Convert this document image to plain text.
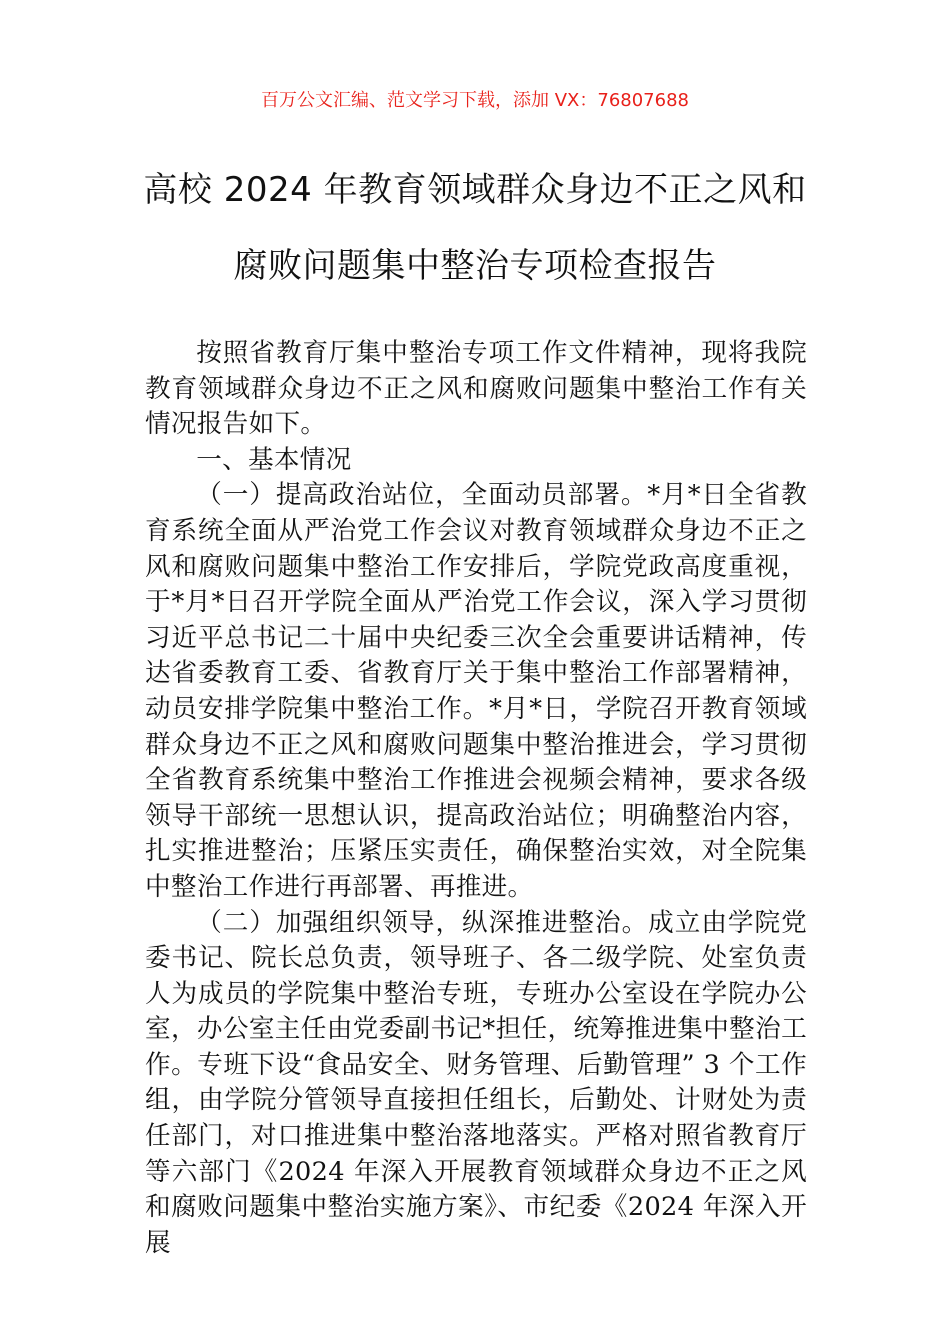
百万公文汇编、范文学习下载，添加 VX：76807688
高校 2024 年教育领域群众身边不正之风和
腐败问题集中整治专项检查报告

按照省教育厅集中整治专项工作文件精神，现将我院教育领域群众身边不正之风和腐败问题集中整治工作有关情况报告如下。

一、基本情况

（一）提高政治站位，全面动员部署。*月*日全省教育系统全面从严治党工作会议对教育领域群众身边不正之风和腐败问题集中整治工作安排后，学院党政高度重视，于*月*日召开学院全面从严治党工作会议，深入学习贯彻习近平总书记二十届中央纪委三次全会重要讲话精神，传达省委教育工委、省教育厅关于集中整治工作部署精神，动员安排学院集中整治工作。*月*日，学院召开教育领域群众身边不正之风和腐败问题集中整治推进会，学习贯彻全省教育系统集中整治工作推进会视频会精神，要求各级领导干部统一思想认识，提高政治站位；明确整治内容，扎实推进整治；压紧压实责任，确保整治实效，对全院集中整治工作进行再部署、再推进。

（二）加强组织领导，纵深推进整治。成立由学院党委书记、院长总负责，领导班子、各二级学院、处室负责人为成员的学院集中整治专班，专班办公室设在学院办公室，办公室主任由党委副书记*担任，统筹推进集中整治工作。专班下设“食品安全、财务管理、后勤管理” 3 个工作组，由学院分管领导直接担任组长，后勤处、计财处为责任部门，对口推进集中整治落地落实。严格对照省教育厅等六部门《2024 年深入开展教育领域群众身边不正之风和腐败问题集中整治实施方案》、市纪委《2024 年深入开展
